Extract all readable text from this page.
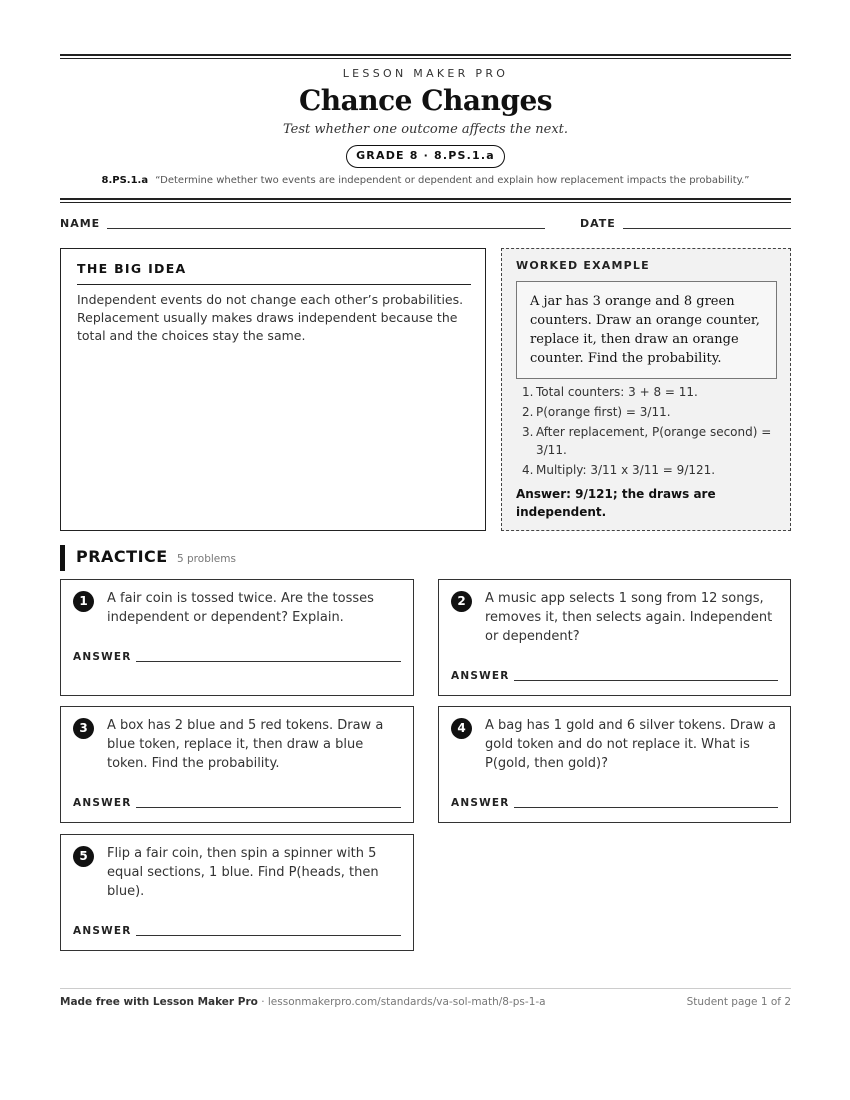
LESSON MAKER PRO
Chance Changes
Test whether one outcome affects the next.
GRADE 8 · 8.PS.1.a
8.PS.1.a “Determine whether two events are independent or dependent and explain how replacement impacts the probability.”
NAME	DATE
THE BIG IDEA

Independent events do not change each other’s probabilities. Replacement usually makes draws independent because the total and the choices stay the same.

WORKED EXAMPLE
A jar has 3 orange and 8 green counters. Draw an orange counter, replace it, then draw an orange counter. Find the probability.
1. Total counters: 3 + 8 = 11.
2. P(orange first) = 3/11.
3. After replacement, P(orange second) = 3/11.
4. Multiply: 3/11 x 3/11 = 9/121.
Answer: 9/121; the draws are independent.
PRACTICE 5 problems
1	A fair coin is tossed twice. Are the tosses independent or dependent? Explain.
ANSWER
2	A music app selects 1 song from 12 songs, removes it, then selects again. Independent or dependent?
ANSWER
3	A box has 2 blue and 5 red tokens. Draw a blue token, replace it, then draw a blue token. Find the probability.
ANSWER
4	A bag has 1 gold and 6 silver tokens. Draw a gold token and do not replace it. What is P(gold, then gold)?
ANSWER
5	Flip a fair coin, then spin a spinner with 5 equal sections, 1 blue. Find P(heads, then blue).
ANSWER
Made free with Lesson Maker Pro · lessonmakerpro.com/standards/va-sol-math/8-ps-1-a	Student page 1 of 2
